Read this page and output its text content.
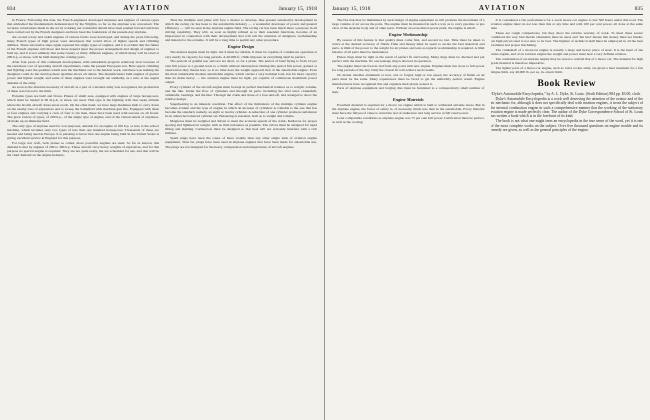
834	AVIATION	January 15, 1918

in France. Following this date, the French engineers developed airplanes and engines of various types that embodied the fundamentals demonstrated by the Wrights, so far as the airplane was concerned. The accurate calculations made in the art by working out wonderful details have been pushed forward and have been carried out by the French designers and have been the foundation of the present-day airplane.

Air-cooled rotary and radial engines of various forms were developed, and during the years following, many French types of high power were developed, that would allow of higher speeds and climbing abilities. These successive steps again repeated the single types of engines, and it is evident that the future of the French airplane will more and more depend upon the proper arrangement and design of engines to hold up, and it is not unlikely that some twenty or thirty different engines, of which many will be rated at 200 h.p. or more, will be built during the coming years.

After four years of this continued development, with remarkable progress relatively slow because of the enormous cost of operating aircraft experiments, came the present European war. Here speed, climbing and fighting were the qualities which sent the machines out to the hardest work, and there was nothing the designers could do but develop these qualities above all others. The manufacturers built engines of greater power and lighter weight, and some of these engines were brought out suddenly, as a rule, at the urgent demand of the army.

As soon as the absolute necessity of aircraft as a part of a modern army was recognized, the production of these was forced to the limit.

Extreme types are built and flown. Planes of small area, equipped with engines of large horsepower, which must be landed at 90 m.p.h. or more, are used. This type is the fighting craft that seeks altitude where the hostile aircraft dares never reach. On the other hand, we have large machines built to carry down on the enemy tons of explosives and to sweep the battlefield with machine-gun fire. Equipped with three or four engines and carrying a crew of four to six men, these have been used with success on all fronts. The great variety of types, of 200 h.p., of the single type of engine, and of the various kinds of airplanes, all make up an immense field.

The only type of airplane used for war purposes, suitable for an engine of 100 h.p. or less, is the school machine, which includes only two types of less than one hundred horsepower. Thousands of these are needed and being used in Europe. It is pleasing to know that one engine being built in the United States is giving excellent service in England for this purpose.

For large war craft, both planes so called, more powerful engines are used. So far as known, this demand is met by engines of 200 to 300 h.p. These aircraft carry heavy weights of explosives, and for this purpose no special engine is required. They are not quite ready, but are scheduled for use, and that will be the chief demand on the engine industry.

Thus the multiple unit plane will face a chance to develop. One present automotive development in which the racing car has been to the automobile industry — a wonderful developer of power and general efficiency — will be seen in the airplane engine field. The racing car has been much more a purpose in all driving capability. They will, as soon as highly refined as to their essential functions, become of an importance in connection with their development that will call the attention of designers, workmanship and material to the extreme. It will be a long time to permit any other procedure.

Engine Design

The desired engine must be light, but it must be reliable. It must be capable of continuous operation at very nearly its capacity for long periods. A 20,000-ft. climb imposes on everything shall be perfect.

The periods of gainful use and rest are short, so for a plane. The period of brief flying is from 10 per cent full power at a ground level to a climb without interruption. During this period full power, gained or observation duty means less, so at no time does the weight approach that of the automobile engine. Even the most remarkable modern automobile engine, which carries a very nominal load, has far more capacity than its made heavy — the aviation engine must be light, yet capable of continuous maximum power output.

Every cylinder of the aircraft engine must be kept in perfect mechanical balance as to weight, volume, and the like. Under the flow of cylinders and through its parts, including the vital steel, crankshaft, camshafts, bearings, and the like. Through the crank and those of a fore-and-aft, and arranged to show the relative design.

Superheating is an inherent condition. The effect of the limitations of the multiple cylinder engine becomes evident and the type of engine in which an increase of cylinders is valuable is the one that has become the standard, namely, an eight or twelve cylinder. A reduction of one cylinder produces unbalance in an otherwise balanced cylinder set. Balancing is essential, both as to weight and volume.

Magnetos must be weighed and driven to meet the accurate speeds of the crank. Radiators for proper spacing and lightness in weight, with as little resistance as possible. The valves must be designed for rapid lifting and shutting. Carburetors must be designed so that heat will not seriously interfere with a rich mixture.

Spark plugs have been the cause of more trouble than any other single item of aviation engine equipment. Thus far, plugs have been used in airplane engines that have been made for automobile use. The plugs are not designed for the heavy compression and temperatures of aircraft engines.

January 15, 1918	AVIATION	835

The fire risk may be minimized by such design of engine equipment as will promote the movement of a large volume of air across the parts. The engine must be mounted in such a way as to carry gasoline or gas clear of the airplane body and of other parts. Without an economical power plant, the engine is small.

Engine Workmanship

By reason of this feature is that quality must come first, and second no last. Time must be taken to arrive at the desired accuracy of finish. Time and money must be spent to secure the best materials and parts. A limit of the power to the weight for air planes and tests as regards workmanship is required. A limit balance of all parts must be maintained.

Piston rings must be tight as the result of perfect fit and boring. Many rings must be checked and put perfect with the machine. No one leakage ring is allowed in operation.

The engine must run forever and from any point with new engine. Engines must run close to full power for long periods of the day. Only the closest fit will achieve such results.

No matter whether aluminum or iron, cast or forged, high or low speed, the accuracy of finish on all parts must be the same. Many experiences must be faced to get the uniformly perfect result. Engine manufacturers have recognized this and organize their plants around it.

Parts of airplane equipment and forging dies must be furnished to a comparatively small number of men.

Engine Materials

Excellent material is required for a motor car engine which is built to withstand extreme stress. But in the airplane engine, the factor of safety is, of necessity, much less than in the automobile. Every material must have the full proof value to stand the test of endurance and long service at full rated power.

Later comparable conditions as airplane engine was 75 per cent full power. Lubrication must be perfect, as well as the cooling.

It is considered a fair performance for a stock motor-car engine to last 500 hours under this load. The aviation engine must do not less than this at any time and with 100 per cent power, all done at the same time.

These are rough comparisons, but they show the relative severity of work. To meet these severe conditions the very best metals obtainable must be used, and ‘the best’ means that money must not hinder, but high priced steel is not sure to be best. The highest of technical skill must be employed in all the heat treatment and proper machining.

The crankshaft of a motorcar engine is usually a large and heavy piece of steel. It is the heart of the entire engine, and of an aviation engine the weight and power must bear a very definite relation.

The combustion of an airplane engine may be seven to tenfold that of a motor car. The demand for high grade material is therefore imperative.

The lighter parts of a motor-car engine, such as valve rocker arms, are given a heat treatment for a fair fatigue limit, say 40,000 lb. per sq. in. elastic limit.

Book Review

“Dyke's Automobile Encyclopedia,” by A. L. Dyke, St. Louis. (Sixth Edition) 884 pp. $3.00, cloth.

Dyke's Automobile Encyclopedia is a work well deserving the attention of the aviator and of the air mechanic for, although it does not specifically deal with aviation engines, it treats the subject of the internal combustion engine in such a comprehensive manner that the working of the stationary aviation engine is made perfectly clear. The author of the Dyke Correspondence School of St. Louis has written a book which is in the forefront of its kind.

The book is not what one might term an encyclopedia in the true sense of the word, yet it is one of the most complete works on the subject. Over five thousand questions on engine trouble and its remedy are given, as well as the general principles of the engine.
